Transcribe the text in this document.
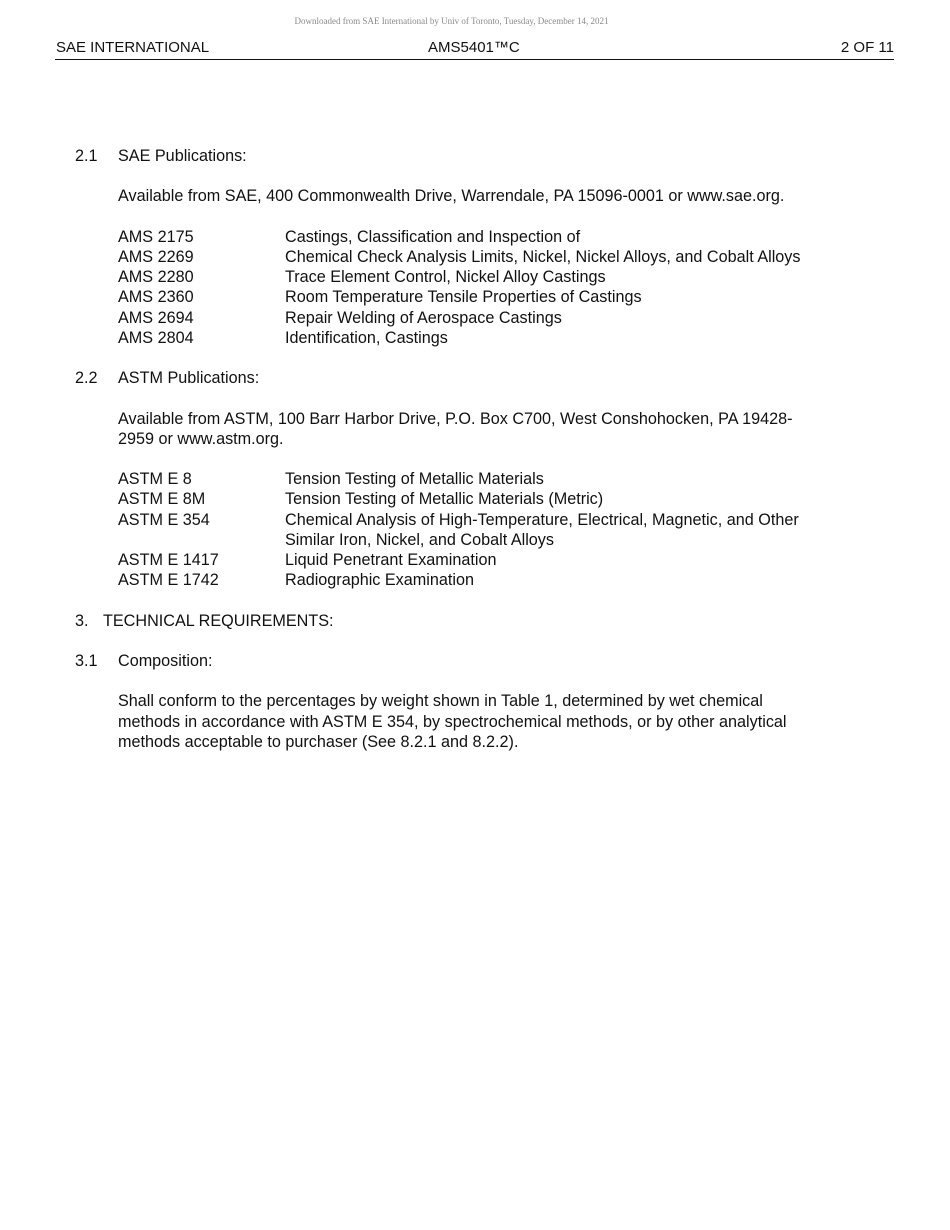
Downloaded from SAE International by Univ of Toronto, Tuesday, December 14, 2021
SAE INTERNATIONAL	AMS5401™C	2 OF 11
2.1	SAE Publications:
Available from SAE, 400 Commonwealth Drive, Warrendale, PA 15096-0001 or www.sae.org.
AMS 2175	Castings, Classification and Inspection of
AMS 2269	Chemical Check Analysis Limits, Nickel, Nickel Alloys, and Cobalt Alloys
AMS 2280	Trace Element Control, Nickel Alloy Castings
AMS 2360	Room Temperature Tensile Properties of Castings
AMS 2694	Repair Welding of Aerospace Castings
AMS 2804	Identification, Castings
2.2	ASTM Publications:
Available from ASTM, 100 Barr Harbor Drive, P.O. Box C700, West Conshohocken, PA 19428-
2959 or www.astm.org.
ASTM E 8	Tension Testing of Metallic Materials
ASTM E 8M	Tension Testing of Metallic Materials (Metric)
ASTM E 354	Chemical Analysis of High-Temperature, Electrical, Magnetic, and Other
Similar Iron, Nickel, and Cobalt Alloys
ASTM E 1417	Liquid Penetrant Examination
ASTM E 1742	Radiographic Examination
3. TECHNICAL REQUIREMENTS:
3.1	Composition:
Shall conform to the percentages by weight shown in Table 1, determined by wet chemical
methods in accordance with ASTM E 354, by spectrochemical methods, or by other analytical
methods acceptable to purchaser (See 8.2.1 and 8.2.2).
